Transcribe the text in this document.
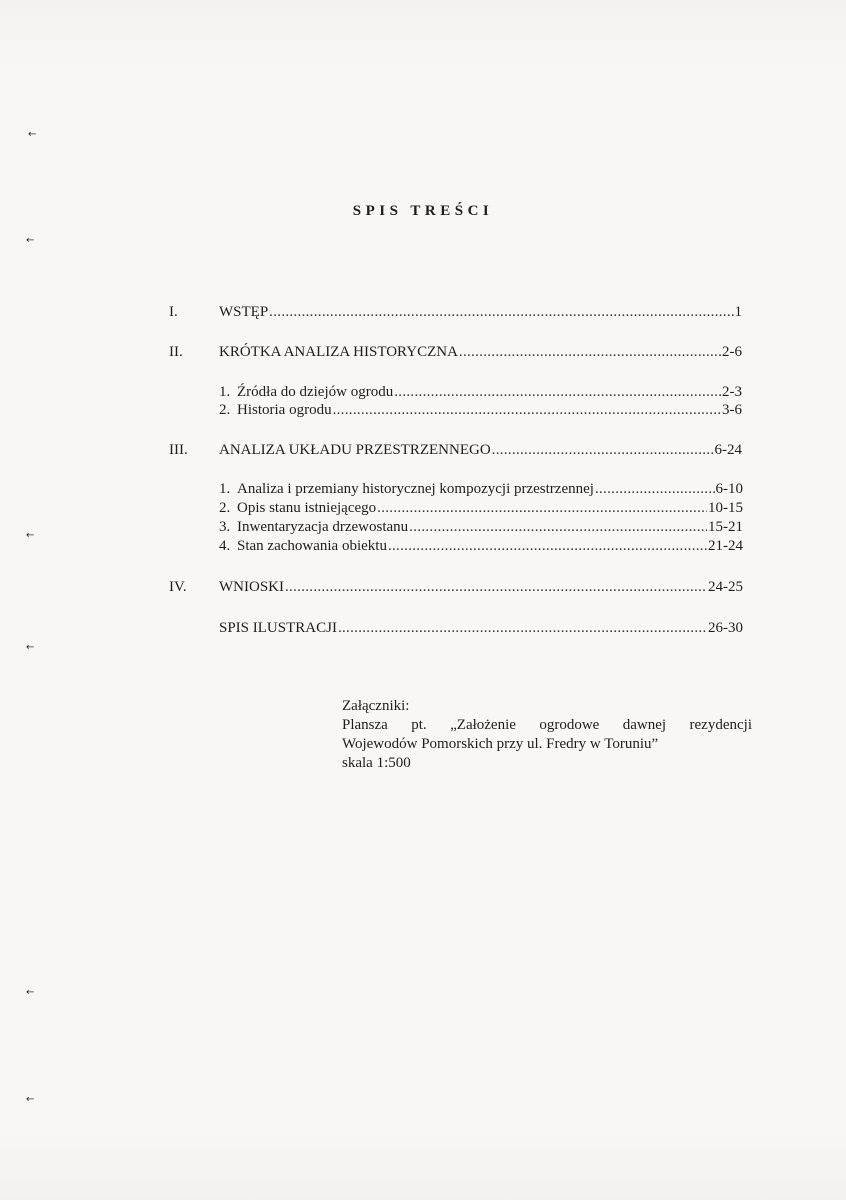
←
←
←
←
←
←
SPIS TREŚCI
I.	WSTĘP .....	1
II. KRÓTKA ANALIZA HISTORYCZNA .....	2-6
1. Źródła do dziejów ogrodu .....	2-3
2. Historia ogrodu .....	3-6
III. ANALIZA UKŁADU PRZESTRZENNEGO .....	6-24
1. Analiza i przemiany historycznej kompozycji przestrzennej .....	6-10
2. Opis stanu istniejącego .....	10-15
3. Inwentaryzacja drzewostanu .....	15-21
4. Stan zachowania obiektu .....	21-24
IV. WNIOSKI .....	24-25
SPIS ILUSTRACJI .....	26-30
Załączniki:
Plansza pt. „Założenie ogrodowe dawnej rezydencji
Wojewodów Pomorskich przy ul. Fredry w Toruniu”
skala 1:500
